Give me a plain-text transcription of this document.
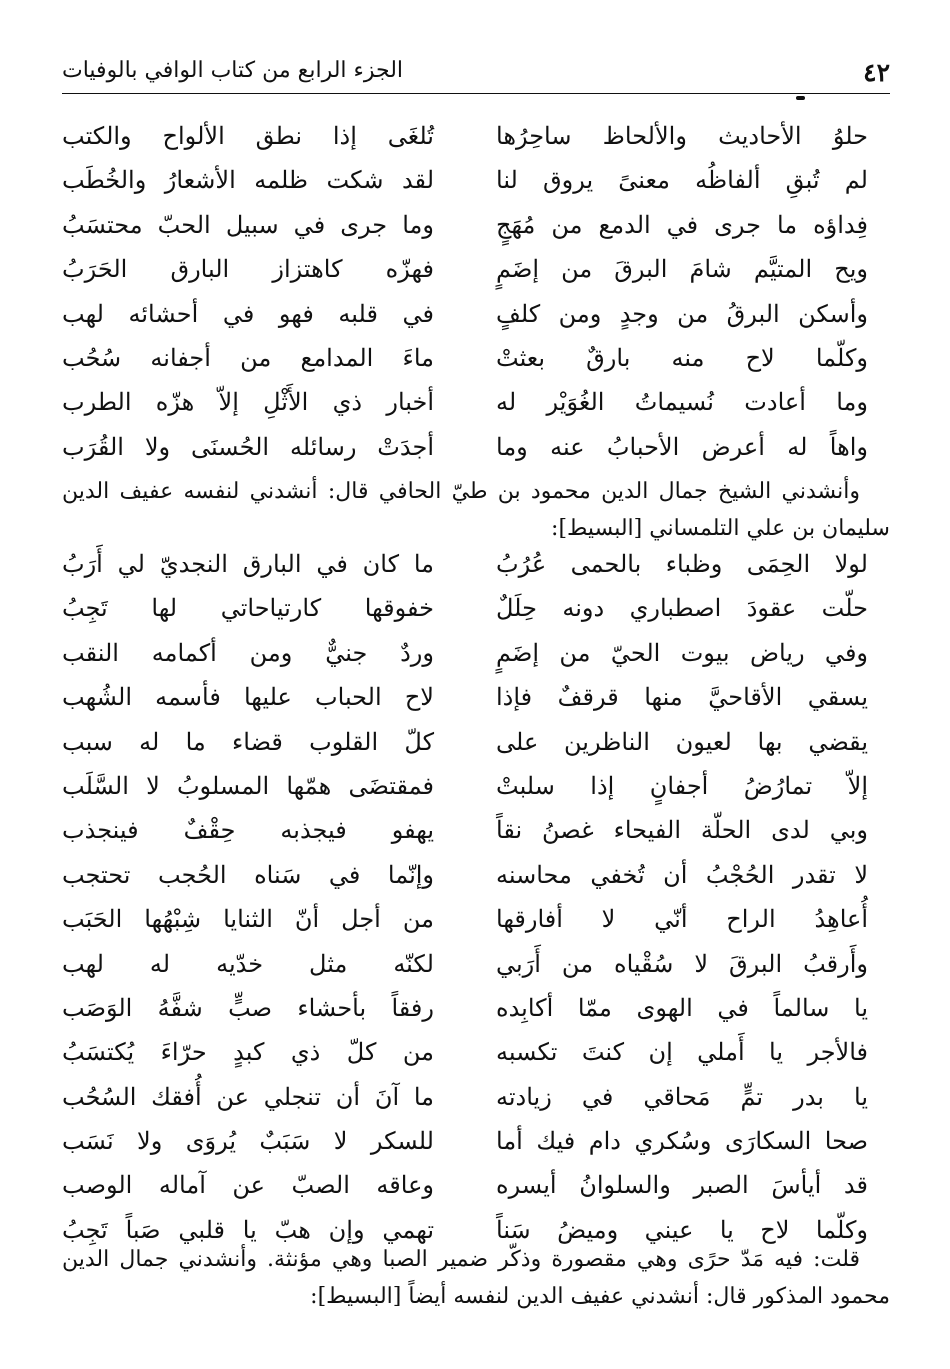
٤٢
الجزء الرابع من كتاب الوافي بالوفيات
حلوُ الأحاديث والألحاظ ساحِرُها
تُلغَى إذا نطق الألواح والكتب
لم تُبقِ ألفاظُه معنىً يروق لنا
لقد شكت ظلمه الأشعارُ والخُطَب
فِداؤه ما جرى في الدمع من مُهَجٍ
وما جرى في سبيل الحبّ محتسَبُ
ويح المتيَّم شامَ البرقَ من إضَمٍ
فهزّه كاهتزاز البارق الحَرَبُ
وأسكن البرقُ من وجدٍ ومن كلفٍ
في قلبه فهو في أحشائه لهب
وكلّما لاح منه بارقٌ بعثتْ
ماءَ المدامع من أجفانه سُحُب
وما أعادت نُسيماتُ الغُوَيْر له
أخبار ذي الأَثْلِ إلاّ هزّه الطرب
واهاً له أعرض الأحبابُ عنه وما
أجدَتْ رسائله الحُسنَى ولا القُرَب

وأنشدني الشيخ جمال الدين محمود بن طيّ الحافي قال: أنشدني لنفسه عفيف الدين سليمان بن علي التلمساني [البسيط]:

لولا الحِمَى وظباء بالحمى عُرُبُ
ما كان في البارق النجديّ لي أَرَبُ
حلّت عقودَ اصطباري دونه حِلَلٌ
خفوقها كارتياحاتي لها تَجِبُ
وفي رياض بيوت الحيّ من إضَمٍ
وردٌ جنيٌّ ومن أكمامه النقب
يسقي الأقاحيَّ منها قرقفٌ فإذا
لاح الحباب عليها فأسمه الشُهب
يقضي بها لعيون الناظرين على
كلّ القلوب قضاء ما له سبب
إلاّ تمارُضُ أجفانٍ إذا سلبتْ
فمقتضَى همّها المسلوبُ لا السَّلَب
وبي لدى الحلّة الفيحاء غصنُ نقاً
يهفو فيجذبه حِقْفٌ فينجذب
لا تقدر الحُجْبُ أن تُخفي محاسنه
وإنّما في سَناه الحُجب تحتجب
أُعاهِدُ الراح أنّي لا أفارقها
من أجل أنّ الثنايا شِبْهُها الحَبَب
وأَرقبُ البرقَ لا سُقْياه من أَرَبي
لكنّه مثل خدّيه له لهب
يا سالماً في الهوى ممّا أكابِده
رفقاً بأحشاء صبٍّ شفَّهُ الوَصَب
فالأجر يا أَملي إن كنتَ تكسبه
من كلّ ذي كبدٍ حرّاءَ يُكتسَبُ
يا بدر تمٍّ مَحاقي في زيادته
ما آنَ أن تنجلي عن أُفقك السُحُب
صحا السكارَى وسُكري دام فيك أما
للسكر لا سَبَبٌ يُروَى ولا نَسَب
قد أيأسَ الصبر والسلوانُ أيسره
وعاقه الصبّ عن آماله الوصب
وكلّما لاح يا عيني وميضُ سَناً
تهمي وإن هبّ يا قلبي صَباً تَجِبُ

قلت: فيه مَدّ حرًى وهي مقصورة وذكّر ضمير الصبا وهي مؤنثة. وأنشدني جمال الدين محمود المذكور قال: أنشدني عفيف الدين لنفسه أيضاً [البسيط]:
